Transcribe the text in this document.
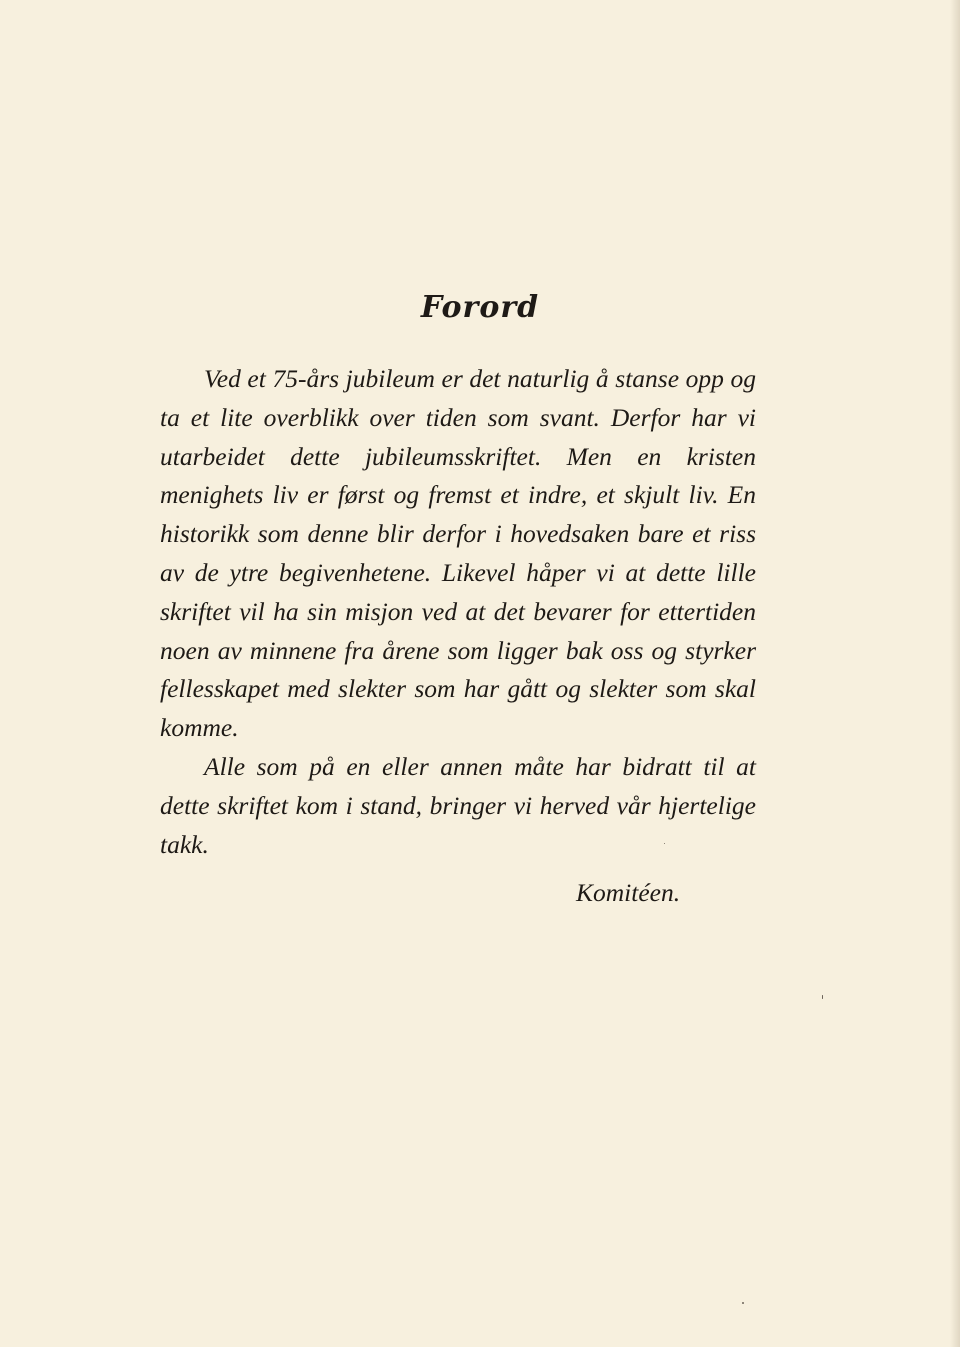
Forord

Ved et 75-års jubileum er det naturlig å stanse opp og ta et lite overblikk over tiden som svant. Derfor har vi utarbeidet dette jubileumsskriftet. Men en kristen menighets liv er først og fremst et indre, et skjult liv. En historikk som denne blir derfor i hovedsaken bare et riss av de ytre begivenhetene. Likevel håper vi at dette lille skriftet vil ha sin misjon ved at det bevarer for ettertiden noen av minnene fra årene som ligger bak oss og styrker fellesskapet med slekter som har gått og slekter som skal komme.

Alle som på en eller annen måte har bidratt til at dette skriftet kom i stand, bringer vi herved vår hjertelige takk.

Komitéen.
